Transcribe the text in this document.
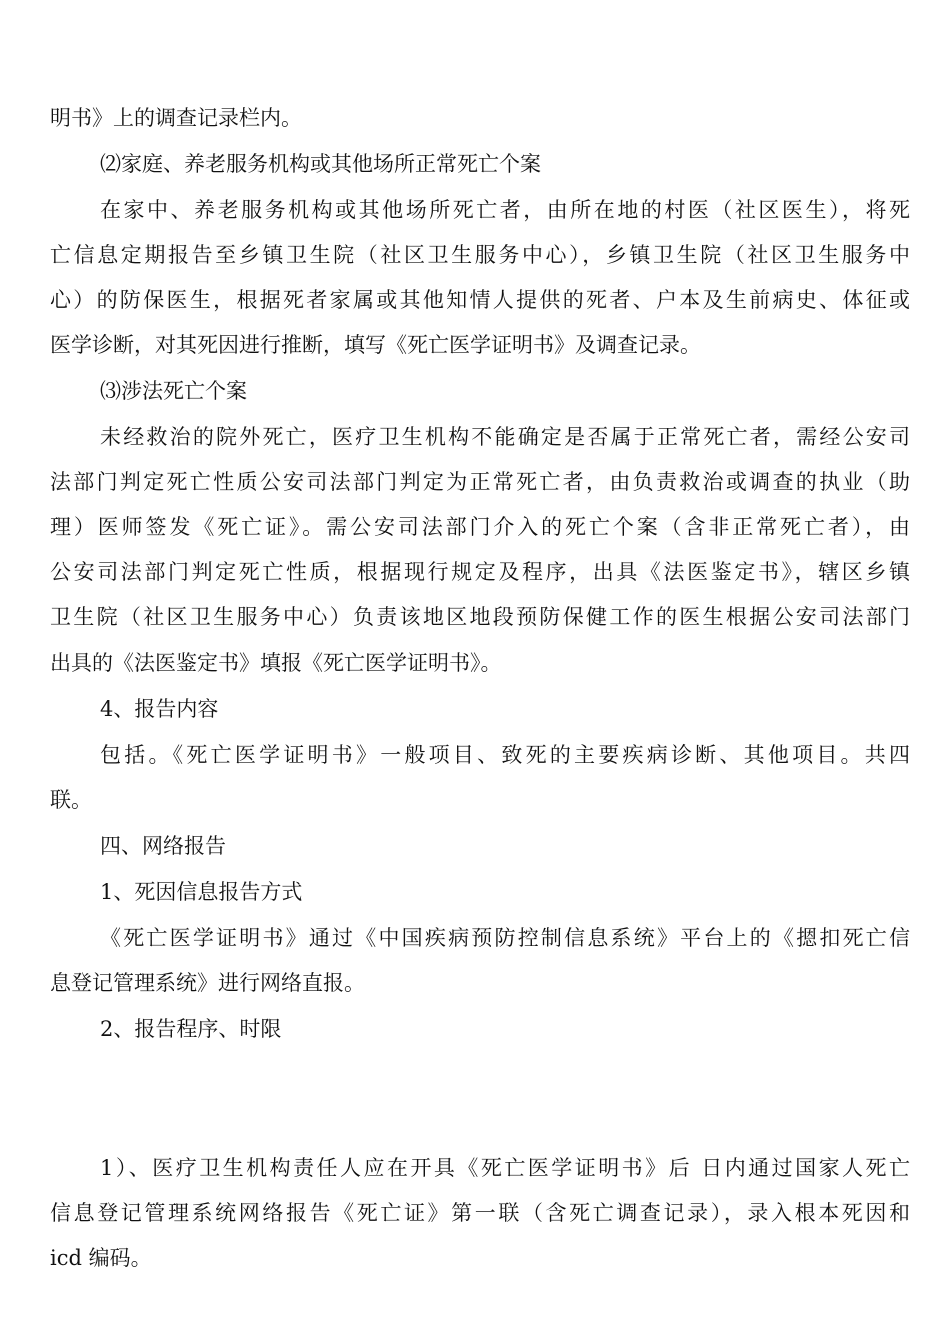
明书》上的调查记录栏内。
⑵家庭、养老服务机构或其他场所正常死亡个案
在家中、养老服务机构或其他场所死亡者，由所在地的村医（社区医生），将死
亡信息定期报告至乡镇卫生院（社区卫生服务中心），乡镇卫生院（社区卫生服务中
心）的防保医生，根据死者家属或其他知情人提供的死者、户本及生前病史、体征或
医学诊断，对其死因进行推断，填写《死亡医学证明书》及调查记录。
⑶涉法死亡个案
未经救治的院外死亡，医疗卫生机构不能确定是否属于正常死亡者，需经公安司
法部门判定死亡性质公安司法部门判定为正常死亡者，由负责救治或调查的执业（助
理）医师签发《死亡证》。需公安司法部门介入的死亡个案（含非正常死亡者），由
公安司法部门判定死亡性质，根据现行规定及程序，出具《法医鉴定书》，辖区乡镇
卫生院（社区卫生服务中心）负责该地区地段预防保健工作的医生根据公安司法部门
出具的《法医鉴定书》填报《死亡医学证明书》。
4、报告内容
包括。《死亡医学证明书》一般项目、致死的主要疾病诊断、其他项目。共四
联。
四、网络报告
1、死因信息报告方式
《死亡医学证明书》通过《中国疾病预防控制信息系统》平台上的《摁扣死亡信
息登记管理系统》进行网络直报。
2、报告程序、时限
1）、医疗卫生机构责任人应在开具《死亡医学证明书》后 日内通过国家人死亡
信息登记管理系统网络报告《死亡证》第一联（含死亡调查记录），录入根本死因和
icd 编码。
